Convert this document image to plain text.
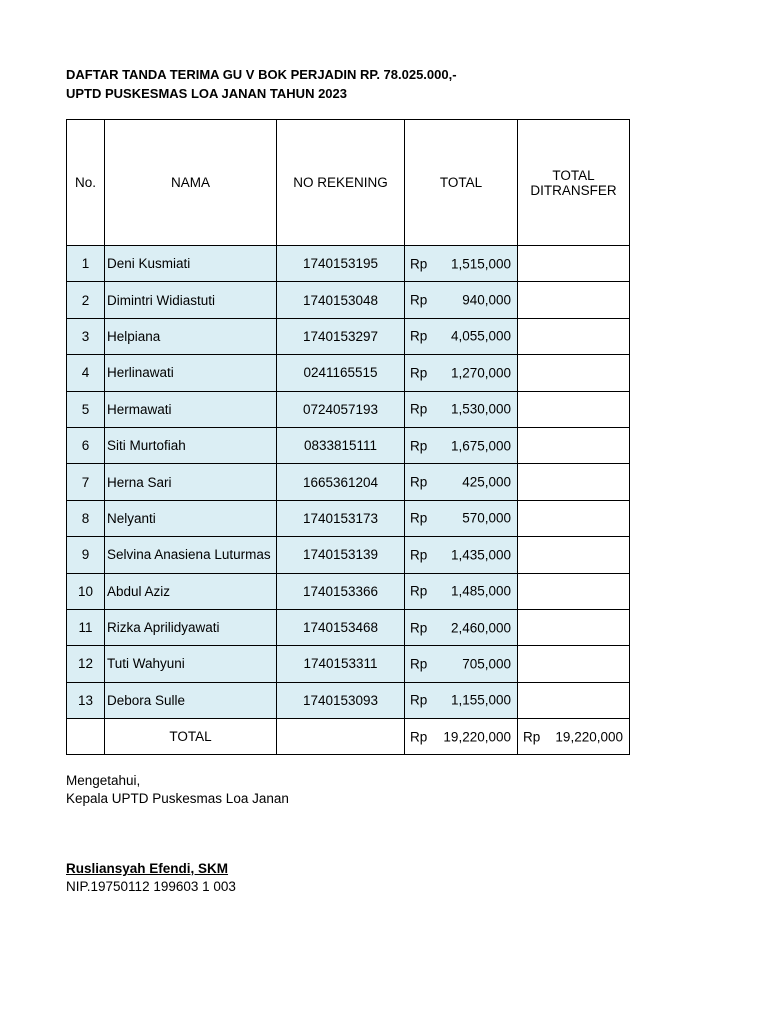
DAFTAR TANDA TERIMA GU V BOK PERJADIN RP. 78.025.000,-
UPTD PUSKESMAS LOA JANAN TAHUN 2023
No.	NAMA	NO REKENING	TOTAL	TOTAL DITRANSFER
1	Deni Kusmiati	1740153195	Rp 1,515,000	

2	Dimintri Widiastuti	1740153048	Rp 940,000	

3	Helpiana	1740153297	Rp 4,055,000	

4	Herlinawati	0241165515	Rp 1,270,000	

5	Hermawati	0724057193	Rp 1,530,000	

6	Siti Murtofiah	0833815111	Rp 1,675,000	

7	Herna Sari	1665361204	Rp 425,000	

8	Nelyanti	1740153173	Rp 570,000	

9	Selvina Anasiena Luturmas	1740153139	Rp 1,435,000	

10	Abdul Aziz	1740153366	Rp 1,485,000	

11	Rizka Aprilidyawati	1740153468	Rp 2,460,000	

12	Tuti Wahyuni	1740153311	Rp 705,000	

13	Debora Sulle	1740153093	Rp 1,155,000	

	TOTAL		Rp 19,220,000	Rp 19,220,000
Mengetahui,
Kepala UPTD Puskesmas Loa Janan
Rusliansyah Efendi, SKM
NIP.19750112 199603 1 003
